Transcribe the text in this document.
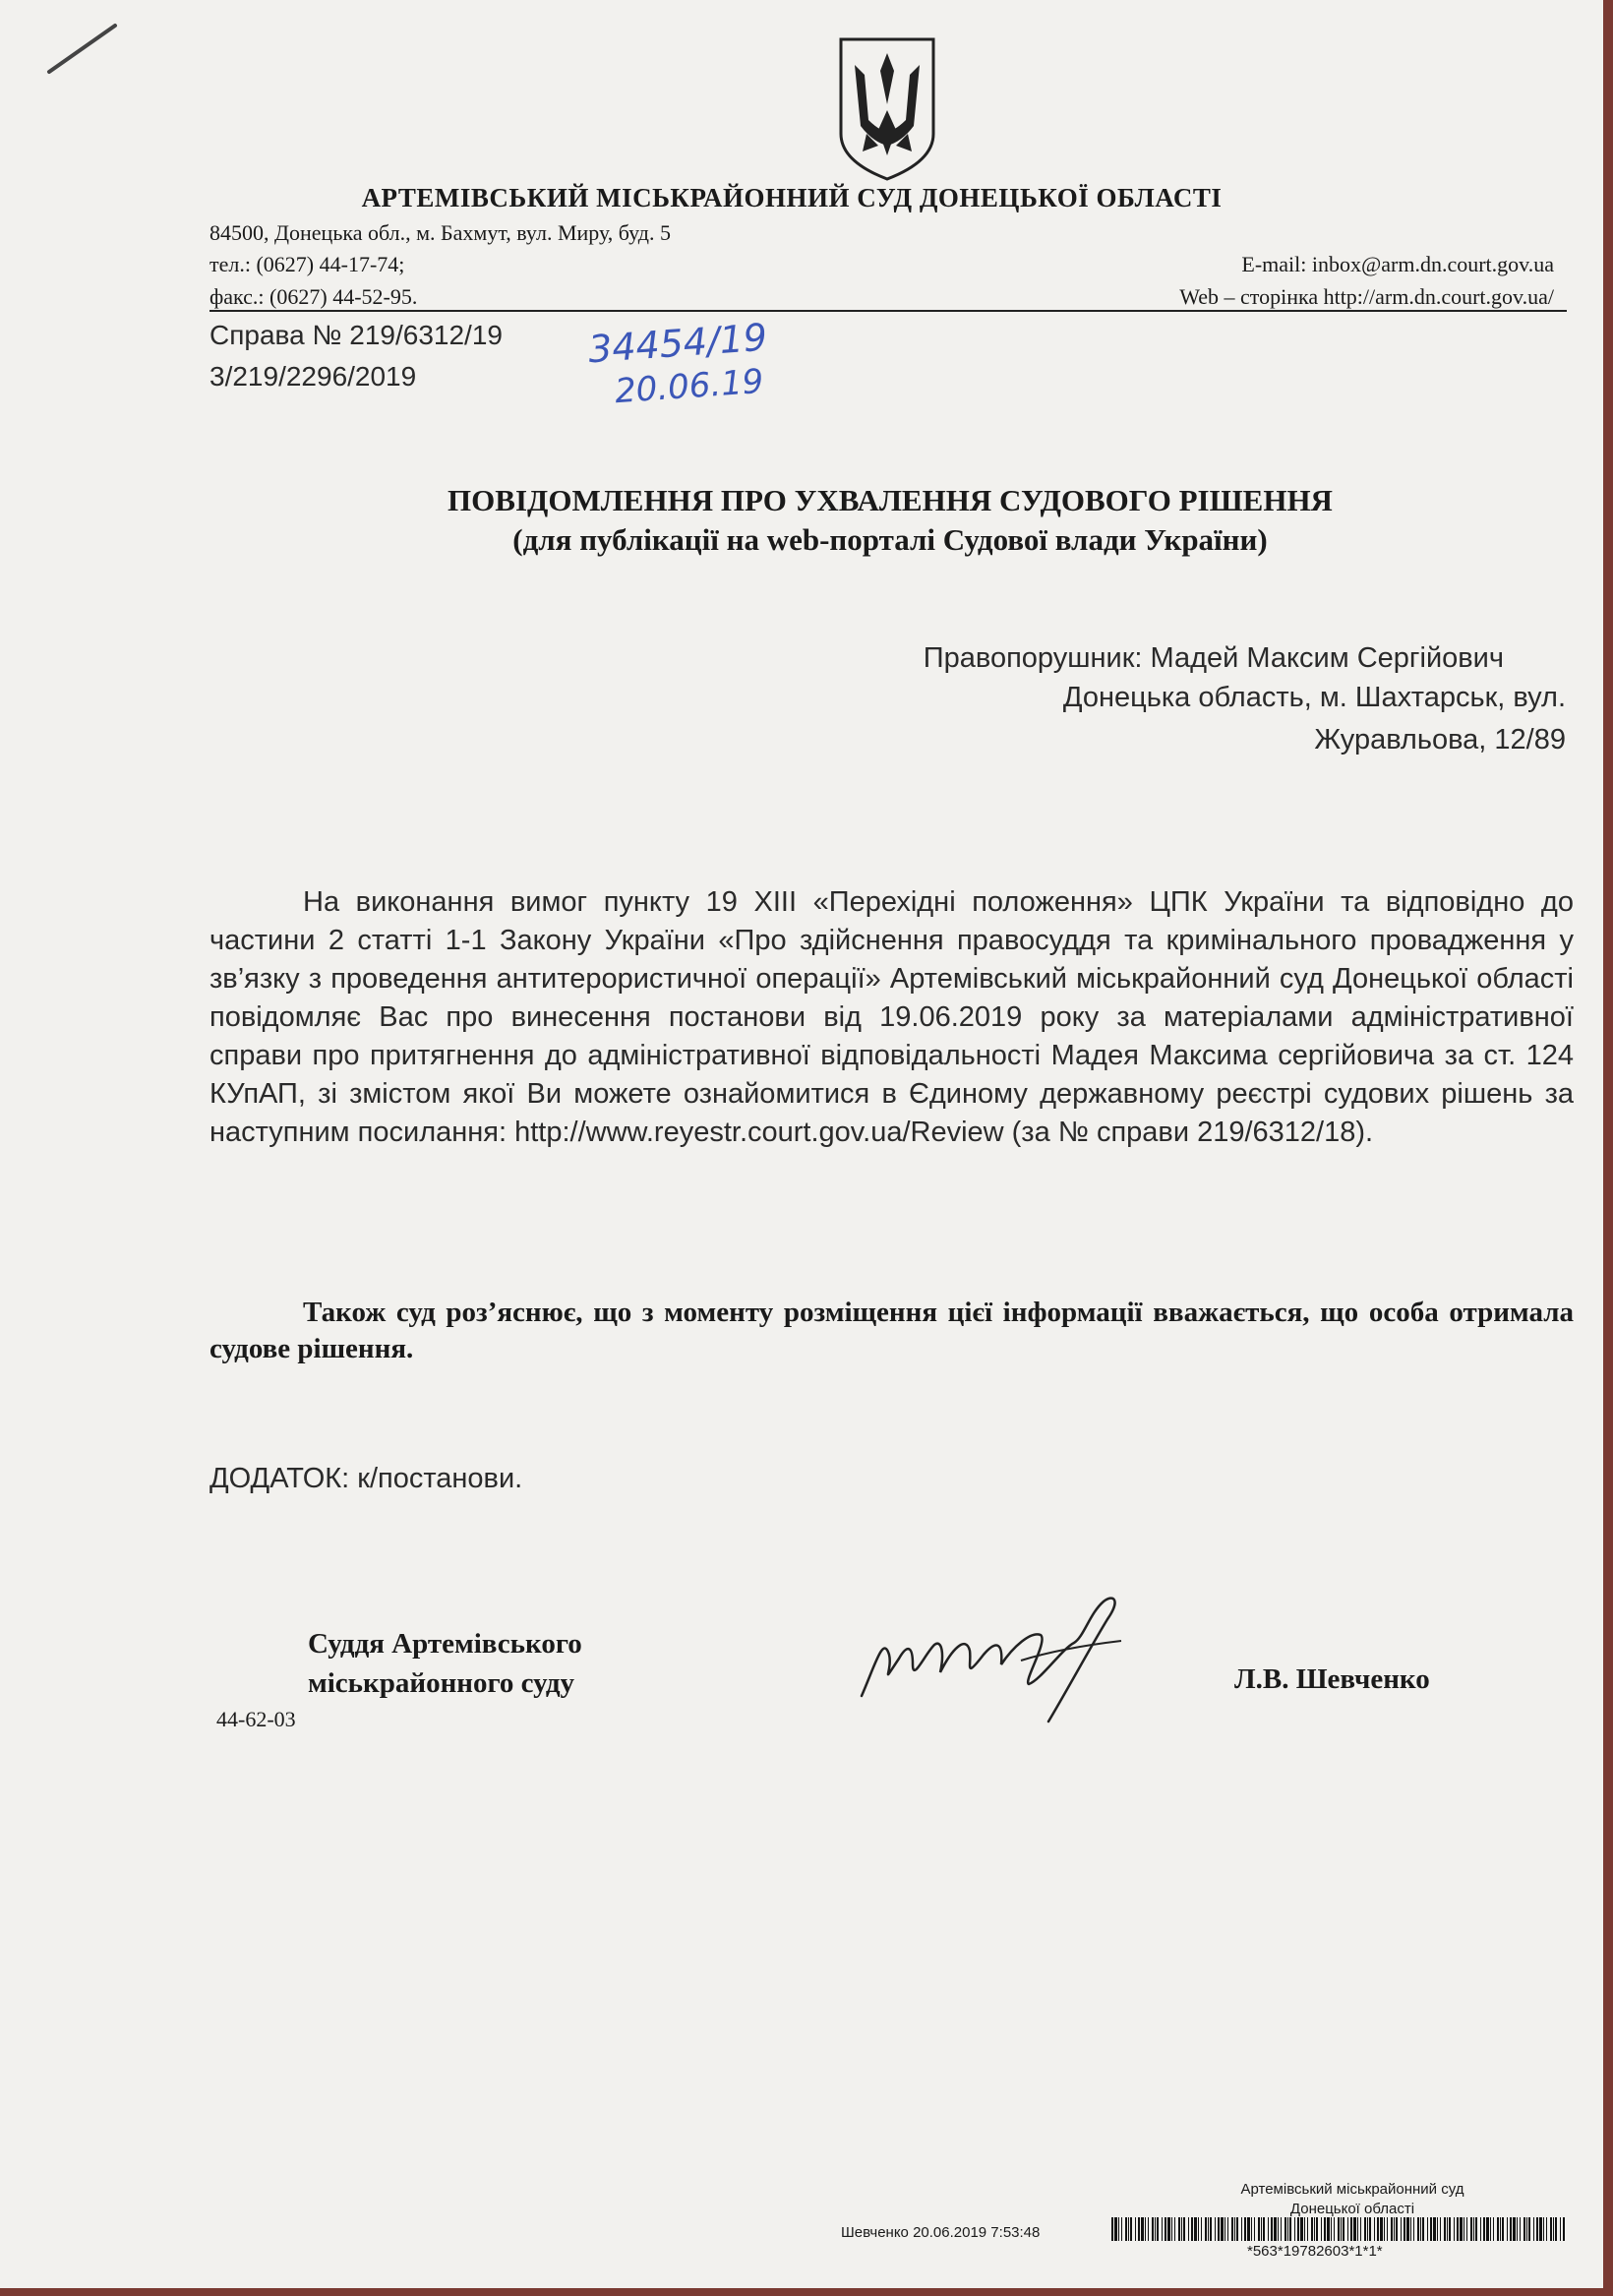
АРТЕМІВСЬКИЙ МІСЬКРАЙОННИЙ СУД ДОНЕЦЬКОЇ ОБЛАСТІ
84500, Донецька обл., м. Бахмут, вул. Миру, буд. 5
тел.: (0627) 44-17-74;	E-mail: inbox@arm.dn.court.gov.ua
факс.: (0627) 44-52-95.	Web – сторінка http://arm.dn.court.gov.ua/
Справа № 219/6312/19
3/219/2296/2019
34454/19
20.06.19
ПОВІДОМЛЕННЯ ПРО УХВАЛЕННЯ СУДОВОГО РІШЕННЯ
(для публікації на web-порталі Судової влади України)
Правопорушник: Мадей Максим Сергійович
Донецька область, м. Шахтарськ, вул.
Журавльова, 12/89
На виконання вимог пункту 19 XIII «Перехідні положення» ЦПК України та відповідно до частини 2 статті 1-1 Закону України «Про здійснення правосуддя та кримінального провадження у зв’язку з проведення антитерористичної операції» Артемівський міськрайонний суд Донецької області повідомляє Вас про винесення постанови від 19.06.2019 року за матеріалами адміністративної справи про притягнення до адміністративної відповідальності Мадея Максима сергійовича за ст. 124 КУпАП, зі змістом якої Ви можете ознайомитися в Єдиному державному реєстрі судових рішень за наступним посилання: http://www.reyestr.court.gov.ua/Review (за № справи 219/6312/18).
Також суд роз’яснює, що з моменту розміщення цієї інформації вважається, що особа отримала судове рішення.
ДОДАТОК: к/постанови.
Суддя Артемівського
міськрайонного суду	Л.В. Шевченко
44-62-03
Артемівський міськрайонний суд
Донецької області
Шевченко 20.06.2019 7:53:48
*563*19782603*1*1*
